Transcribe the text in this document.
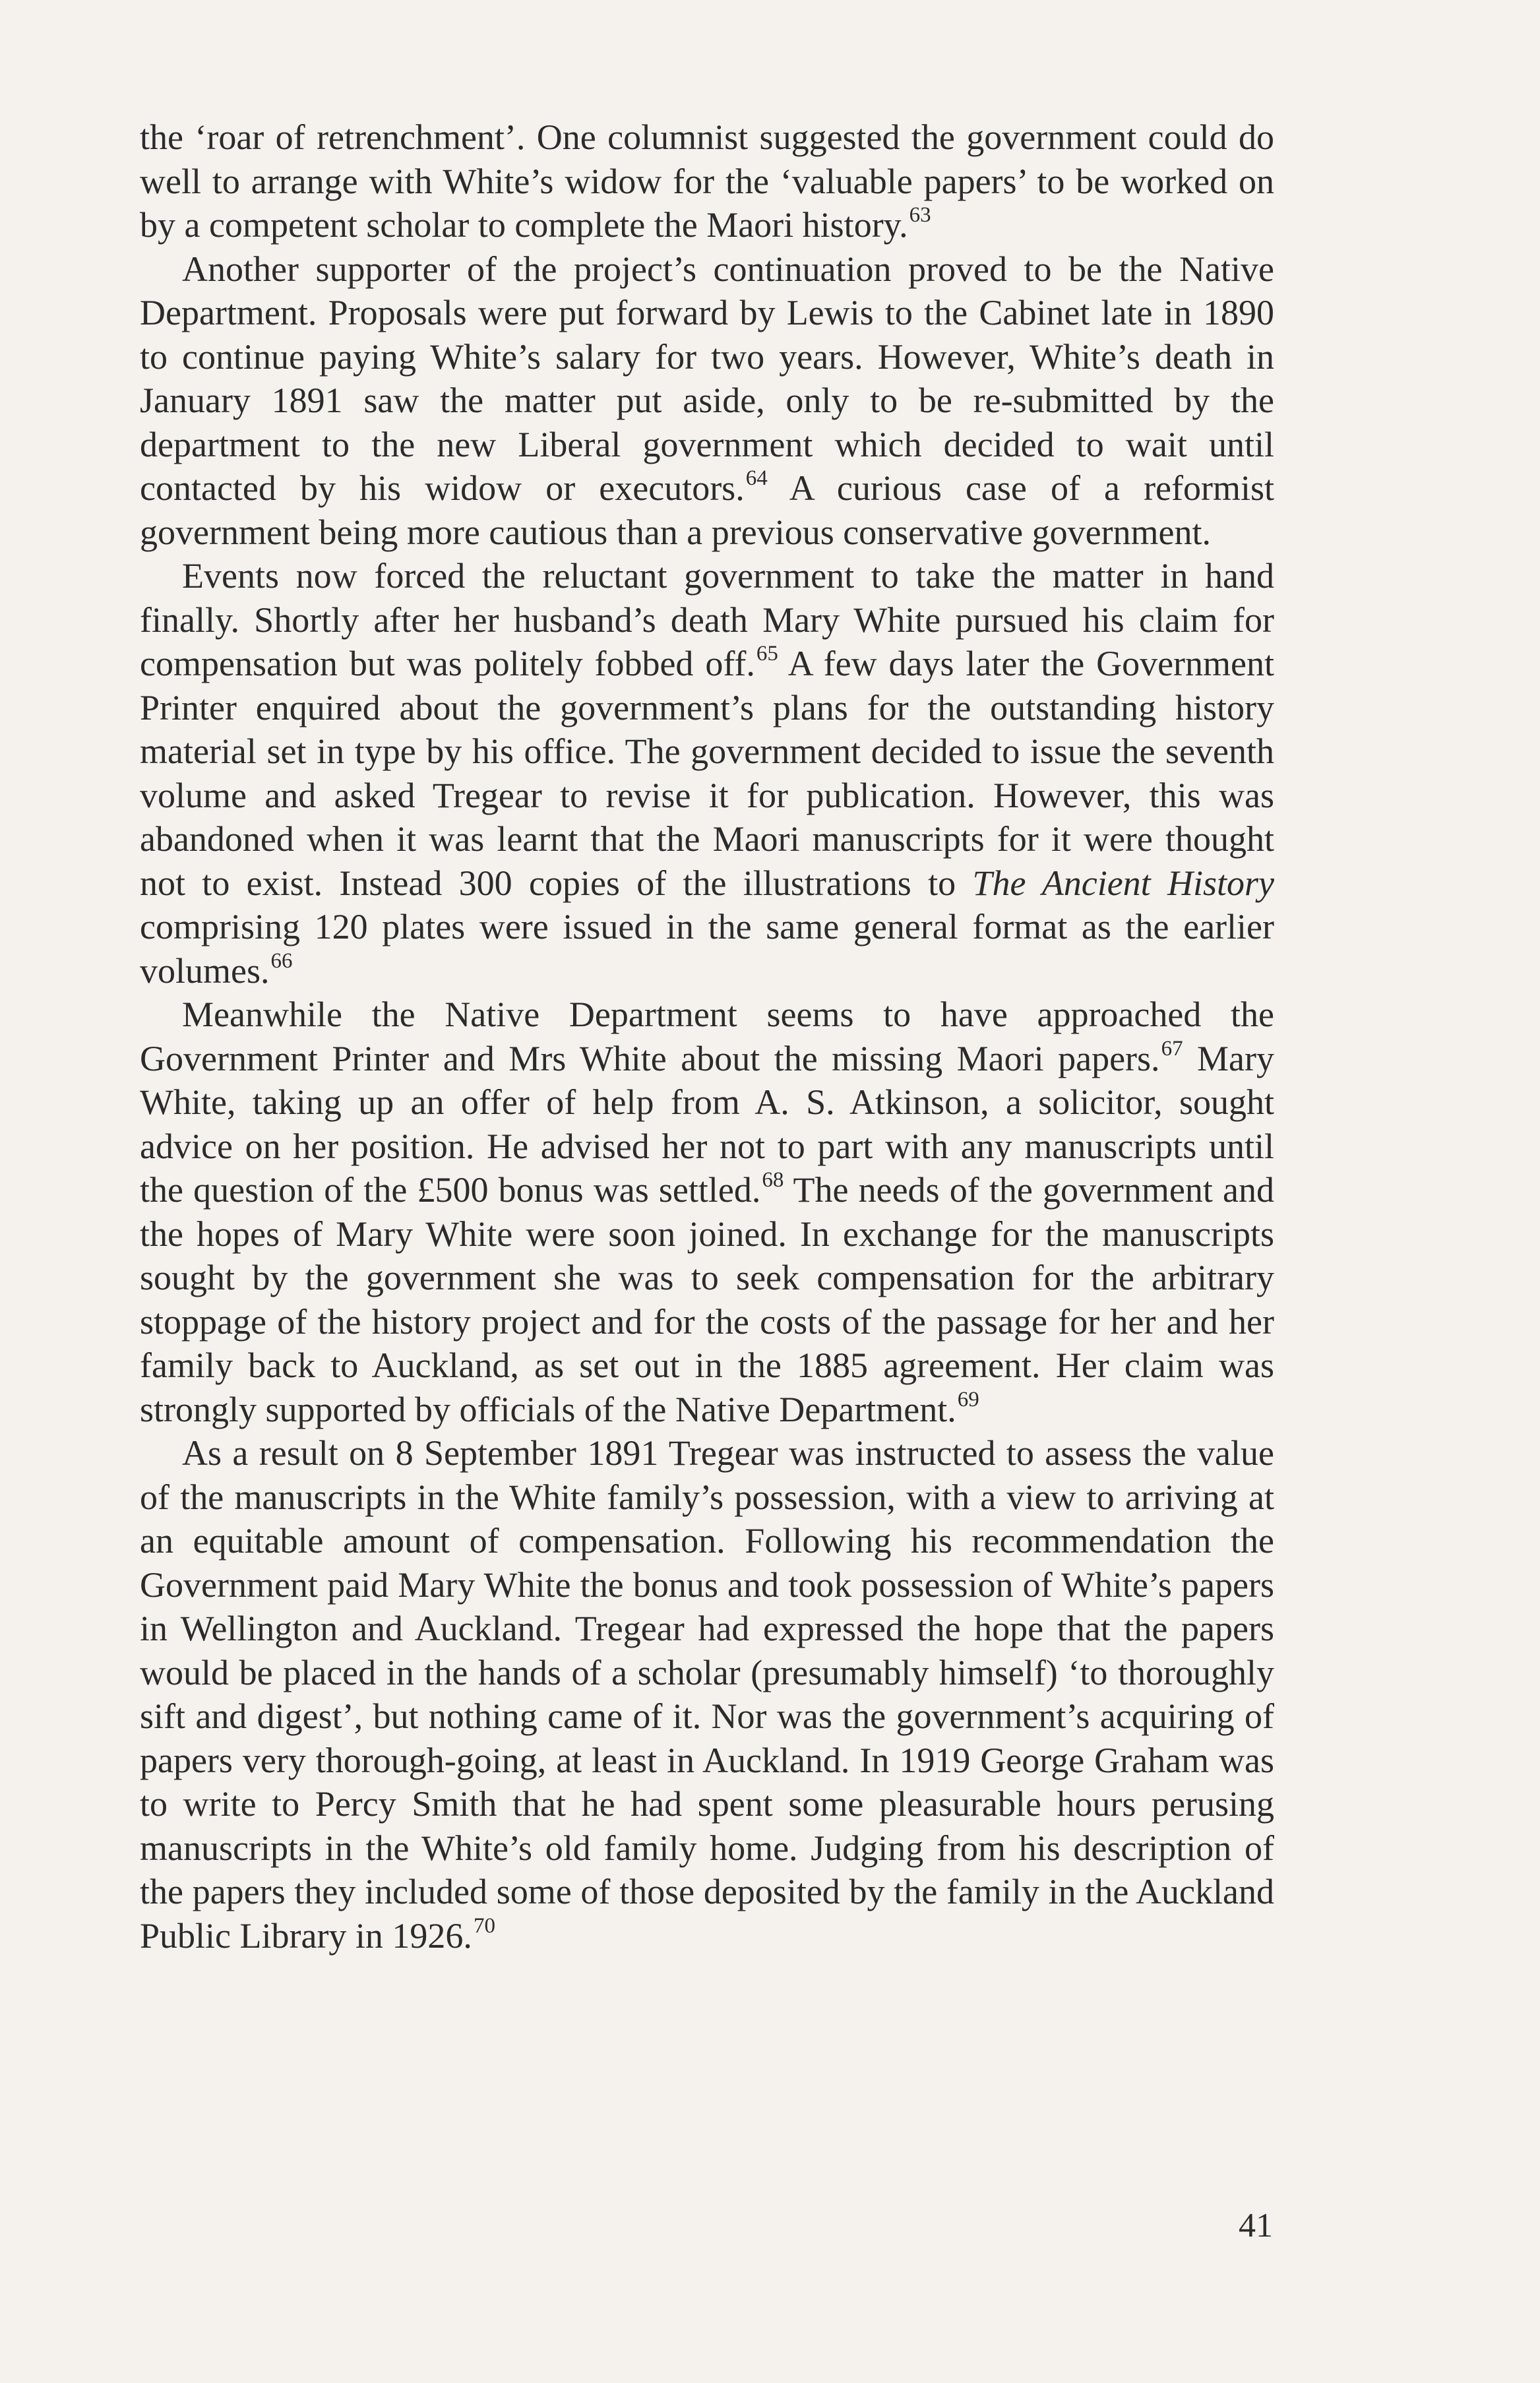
the ‘roar of retrenchment’. One columnist suggested the government could do well to arrange with White’s widow for the ‘valuable papers’ to be worked on by a competent scholar to complete the Maori history.$^{63}$

Another supporter of the project’s continuation proved to be the Native Department. Proposals were put forward by Lewis to the Cabinet late in 1890 to continue paying White’s salary for two years. However, White’s death in January 1891 saw the matter put aside, only to be re-submitted by the department to the new Liberal government which decided to wait until contacted by his widow or executors.$^{64}$ A curious case of a reformist government being more cautious than a previous conservative government.

Events now forced the reluctant government to take the matter in hand finally. Shortly after her husband’s death Mary White pursued his claim for compensation but was politely fobbed off.$^{65}$ A few days later the Government Printer enquired about the government’s plans for the outstanding history material set in type by his office. The government decided to issue the seventh volume and asked Tregear to revise it for publication. However, this was abandoned when it was learnt that the Maori manuscripts for it were thought not to exist. Instead 300 copies of the illustrations to The Ancient History comprising 120 plates were issued in the same general format as the earlier volumes.$^{66}$

Meanwhile the Native Department seems to have approached the Government Printer and Mrs White about the missing Maori papers.$^{67}$ Mary White, taking up an offer of help from A. S. Atkinson, a solicitor, sought advice on her position. He advised her not to part with any manuscripts until the question of the £500 bonus was settled.$^{68}$ The needs of the government and the hopes of Mary White were soon joined. In exchange for the manuscripts sought by the government she was to seek compensation for the arbitrary stoppage of the history project and for the costs of the passage for her and her family back to Auckland, as set out in the 1885 agreement. Her claim was strongly supported by officials of the Native Department.$^{69}$

As a result on 8 September 1891 Tregear was instructed to assess the value of the manuscripts in the White family’s possession, with a view to arriving at an equitable amount of compensation. Following his recommendation the Government paid Mary White the bonus and took possession of White’s papers in Wellington and Auckland. Tregear had expressed the hope that the papers would be placed in the hands of a scholar (presumably himself) ‘to thoroughly sift and digest’, but nothing came of it. Nor was the government’s acquiring of papers very thorough-going, at least in Auckland. In 1919 George Graham was to write to Percy Smith that he had spent some pleasurable hours perusing manuscripts in the White’s old family home. Judging from his description of the papers they included some of those deposited by the family in the Auckland Public Library in 1926.70

41
